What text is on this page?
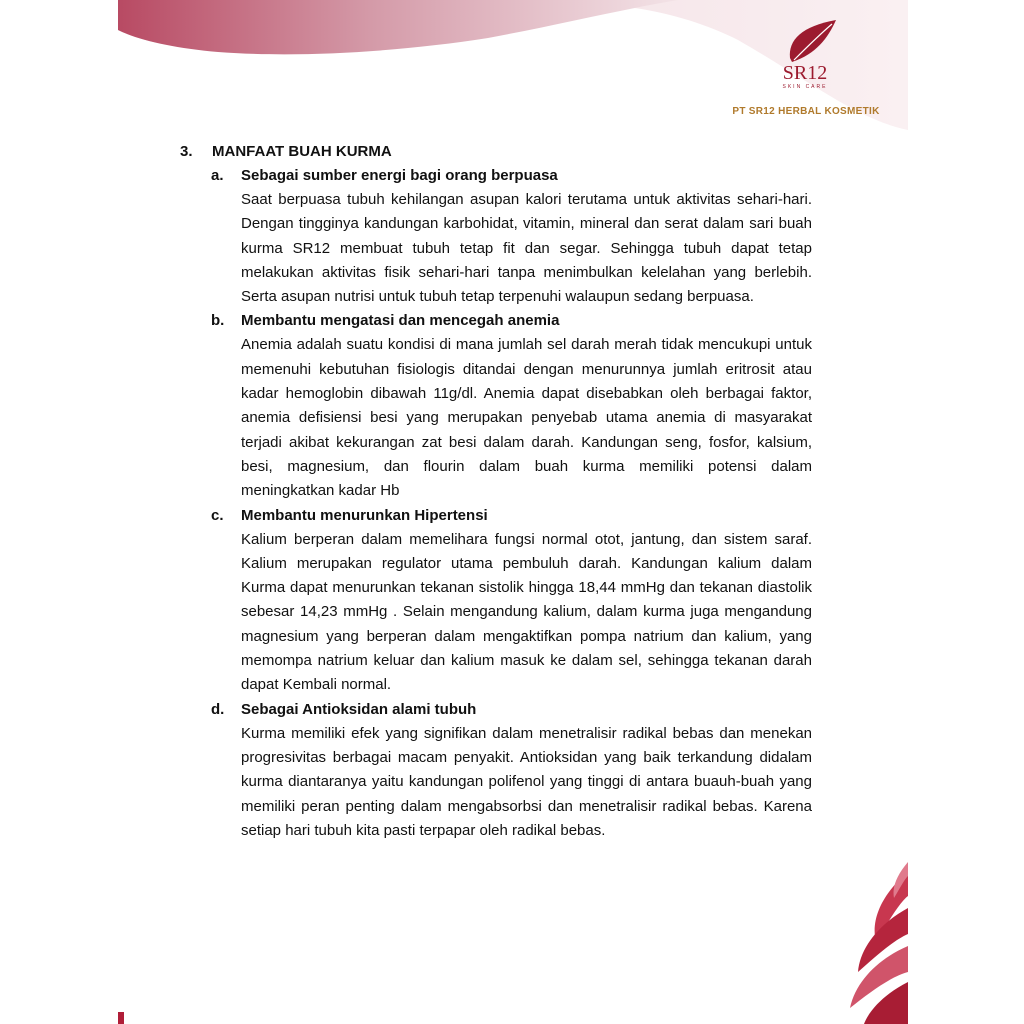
SR12
SKIN CARE
PT SR12 HERBAL KOSMETIK
3.	MANFAAT BUAH KURMA
a.	Sebagai sumber energi bagi orang berpuasa

Saat berpuasa tubuh kehilangan asupan kalori terutama untuk aktivitas sehari-hari. Dengan tingginya kandungan karbohidat, vitamin, mineral dan serat dalam sari buah kurma SR12 membuat tubuh tetap fit dan segar. Sehingga tubuh dapat tetap melakukan aktivitas fisik sehari-hari tanpa menimbulkan kelelahan yang berlebih. Serta asupan nutrisi untuk tubuh tetap terpenuhi walaupun sedang berpuasa.

b.	Membantu mengatasi dan mencegah anemia

Anemia adalah suatu kondisi di mana jumlah sel darah merah tidak mencukupi untuk memenuhi kebutuhan fisiologis ditandai dengan menurunnya jumlah eritrosit atau kadar hemoglobin dibawah 11g/dl. Anemia dapat disebabkan oleh berbagai faktor, anemia defisiensi besi yang merupakan penyebab utama anemia di masyarakat terjadi akibat kekurangan zat besi dalam darah. Kandungan seng, fosfor, kalsium, besi, magnesium, dan flourin dalam buah kurma memiliki potensi dalam meningkatkan kadar Hb

c.	Membantu menurunkan Hipertensi

Kalium berperan dalam memelihara fungsi normal otot, jantung, dan sistem saraf. Kalium merupakan regulator utama pembuluh darah. Kandungan kalium dalam Kurma dapat menurunkan tekanan sistolik hingga 18,44 mmHg dan tekanan diastolik sebesar 14,23 mmHg . Selain mengandung kalium, dalam kurma juga mengandung magnesium yang berperan dalam mengaktifkan pompa natrium dan kalium, yang memompa natrium keluar dan kalium masuk ke dalam sel, sehingga tekanan darah dapat Kembali normal.

d.	Sebagai Antioksidan alami tubuh

Kurma memiliki efek yang signifikan dalam menetralisir radikal bebas dan menekan progresivitas berbagai macam penyakit. Antioksidan yang baik terkandung didalam kurma diantaranya yaitu kandungan polifenol yang tinggi di antara buauh-buah yang memiliki peran penting dalam mengabsorbsi dan menetralisir radikal bebas. Karena setiap hari tubuh kita pasti terpapar oleh radikal bebas.
